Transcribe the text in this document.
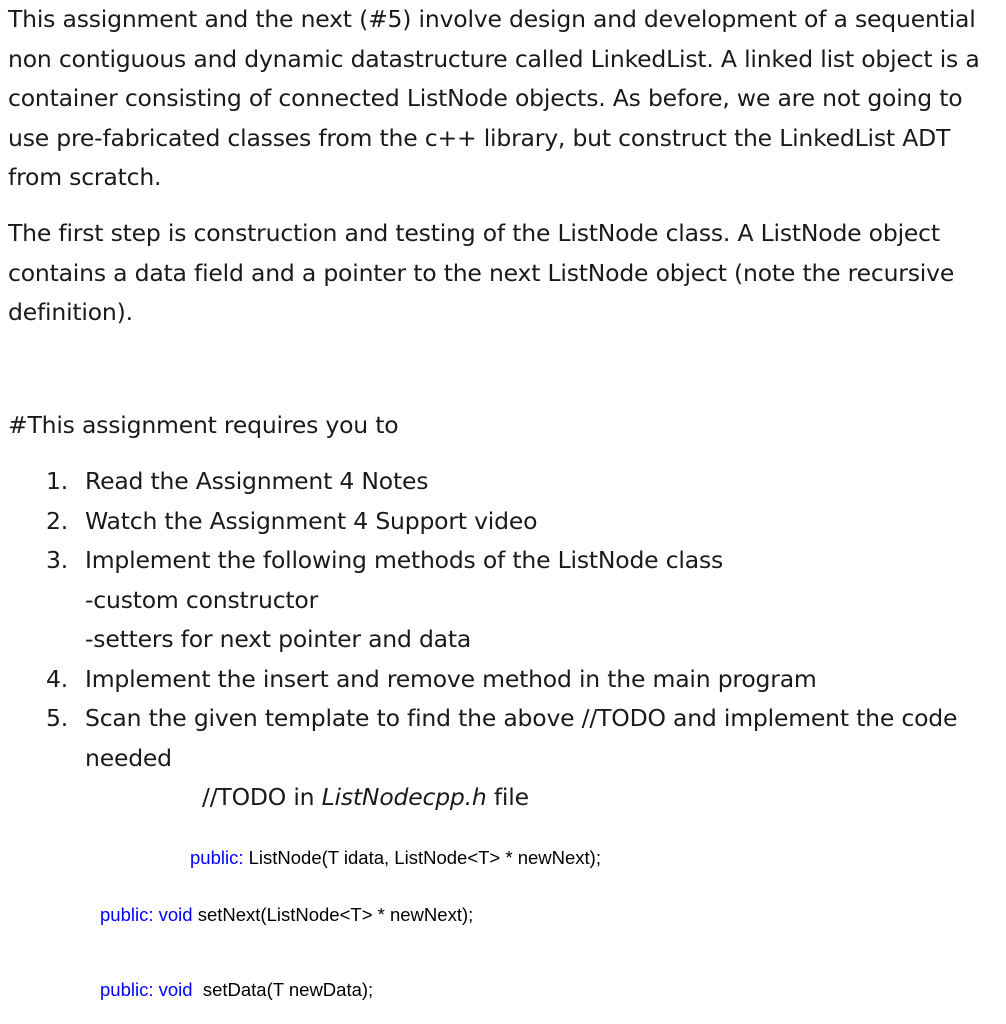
This assignment and the next (#5) involve design and development of a sequential non contiguous and dynamic datastructure called LinkedList. A linked list object is a container consisting of connected ListNode objects. As before, we are not going to use pre-fabricated classes from the c++ library, but construct the LinkedList ADT from scratch.

The first step is construction and testing of the ListNode class. A ListNode object contains a data field and a pointer to the next ListNode object (note the recursive definition).

#This assignment requires you to

1. Read the Assignment 4 Notes
2. Watch the Assignment 4 Support video
3. Implement the following methods of the ListNode class
-custom constructor
-setters for next pointer and data
4. Implement the insert and remove method in the main program
5. Scan the given template to find the above //TODO and implement the code needed
//TODO in ListNodecpp.h file
public: ListNode(T idata, ListNode<T> * newNext);
public: void setNext(ListNode<T> * newNext);
public: void  setData(T newData);
